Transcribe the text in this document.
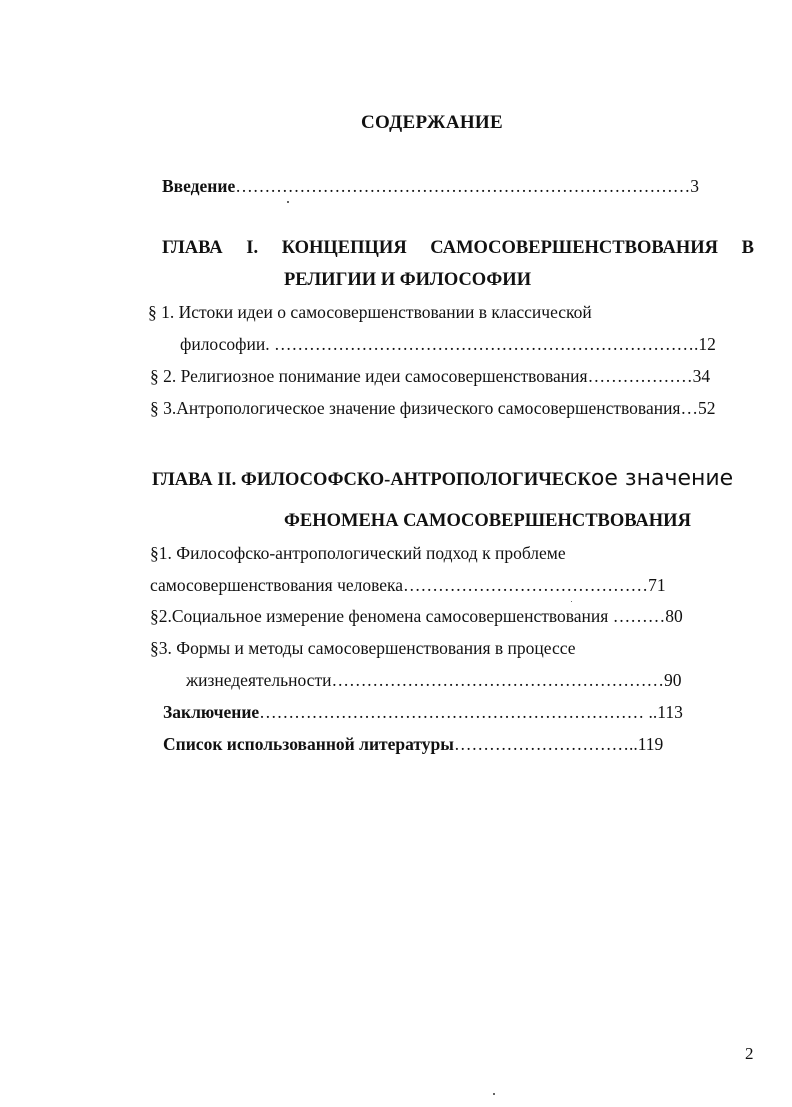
СОДЕРЖАНИЕ
Введение……………………………………………………………………3
ГЛАВА I. КОНЦЕПЦИЯ САМОСОВЕРШЕНСТВОВАНИЯ В
РЕЛИГИИ И ФИЛОСОФИИ
§ 1. Истоки идеи о самосовершенствовании в классической
философии. ……………………………………………………………….12
§ 2. Религиозное понимание идеи самосовершенствования………………34
§ 3.Антропологическое значение физического самосовершенствования…52
ГЛАВА II. ФИЛОСОФСКО-АНТРОПОЛОГИЧЕСКое значение
ФЕНОМЕНА САМОСОВЕРШЕНСТВОВАНИЯ
§1. Философско-антропологический подход к проблеме
самосовершенствования человека……………………………………71
§2.Социальное измерение феномена самосовершенствования ………80
§3. Формы и методы самосовершенствования в процессе
жизнедеятельности…………………………………………………90
Заключение………………………………………………………… ..113
Список использованной литературы…………………………..119
2
